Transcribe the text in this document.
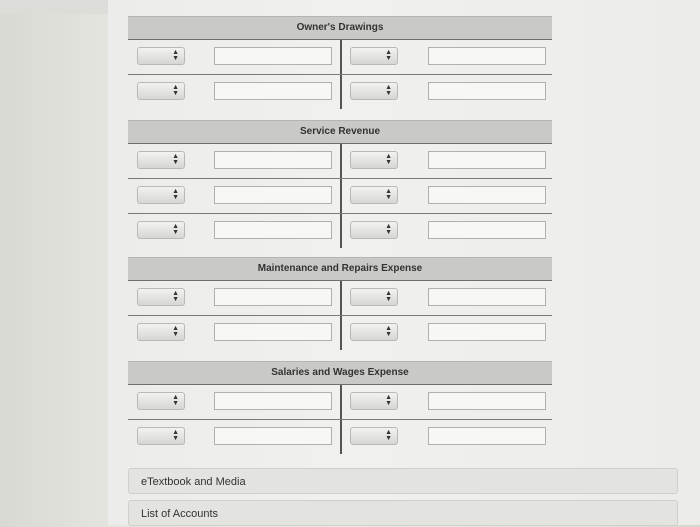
Owner's Drawings
▲
▼
▲
▼
▲
▼
▲
▼
Service Revenue
▲
▼
▲
▼
▲
▼
▲
▼
▲
▼
▲
▼
Maintenance and Repairs Expense
▲
▼
▲
▼
▲
▼
▲
▼
Salaries and Wages Expense
▲
▼
▲
▼
▲
▼
▲
▼
eTextbook and Media
List of Accounts
